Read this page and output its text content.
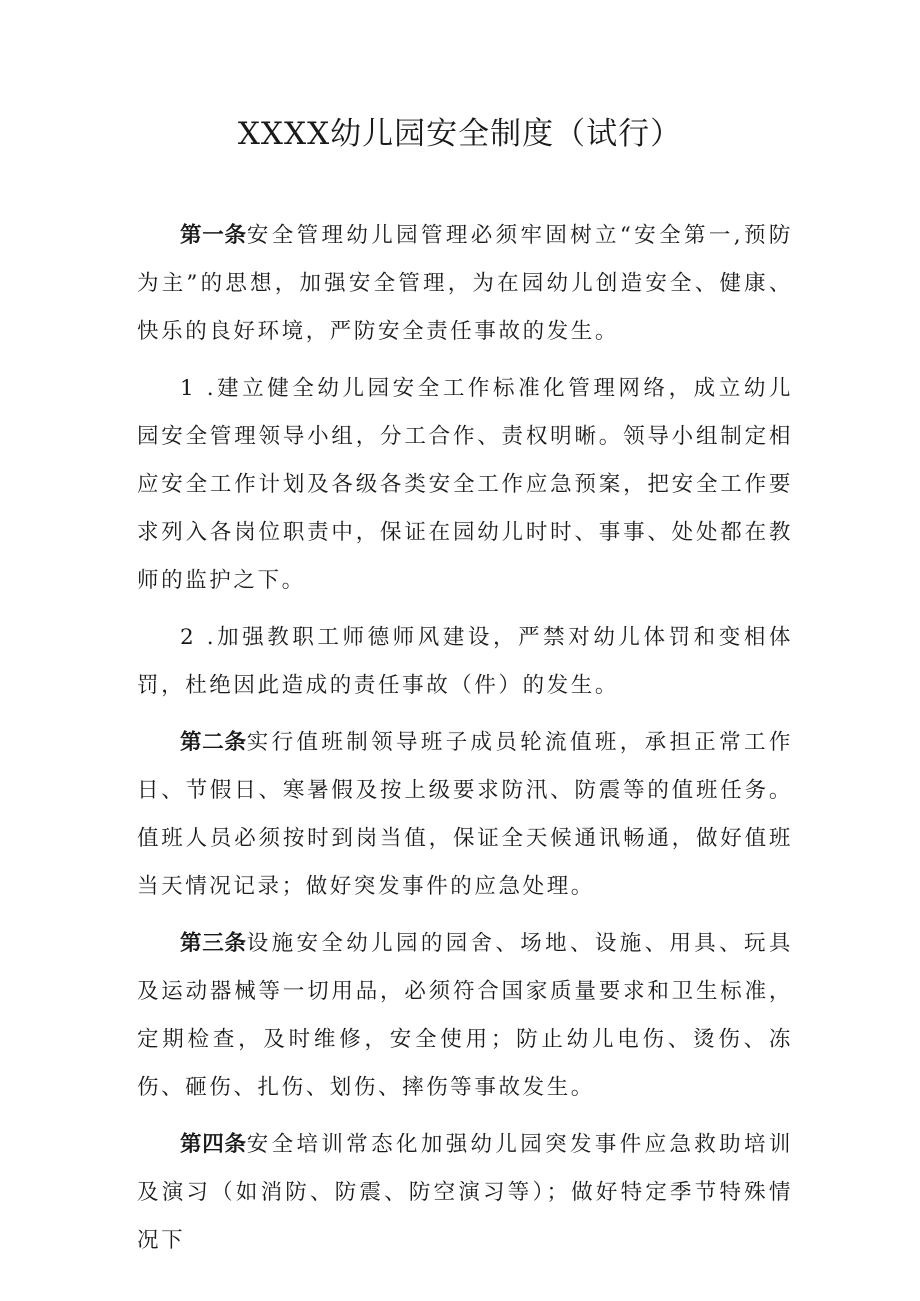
XXXX幼儿园安全制度（试行）

第一条安全管理幼儿园管理必须牢固树立“安全第一,预防为主”的思想，加强安全管理，为在园幼儿创造安全、健康、快乐的良好环境，严防安全责任事故的发生。

1 .建立健全幼儿园安全工作标准化管理网络，成立幼儿园安全管理领导小组，分工合作、责权明晰。领导小组制定相应安全工作计划及各级各类安全工作应急预案，把安全工作要求列入各岗位职责中，保证在园幼儿时时、事事、处处都在教师的监护之下。

2 .加强教职工师德师风建设，严禁对幼儿体罚和变相体罚，杜绝因此造成的责任事故（件）的发生。

第二条实行值班制领导班子成员轮流值班，承担正常工作日、节假日、寒暑假及按上级要求防汛、防震等的值班任务。值班人员必须按时到岗当值，保证全天候通讯畅通，做好值班当天情况记录；做好突发事件的应急处理。

第三条设施安全幼儿园的园舍、场地、设施、用具、玩具及运动器械等一切用品，必须符合国家质量要求和卫生标准，定期检查，及时维修，安全使用；防止幼儿电伤、烫伤、冻伤、砸伤、扎伤、划伤、摔伤等事故发生。

第四条安全培训常态化加强幼儿园突发事件应急救助培训及演习（如消防、防震、防空演习等）；做好特定季节特殊情况下
